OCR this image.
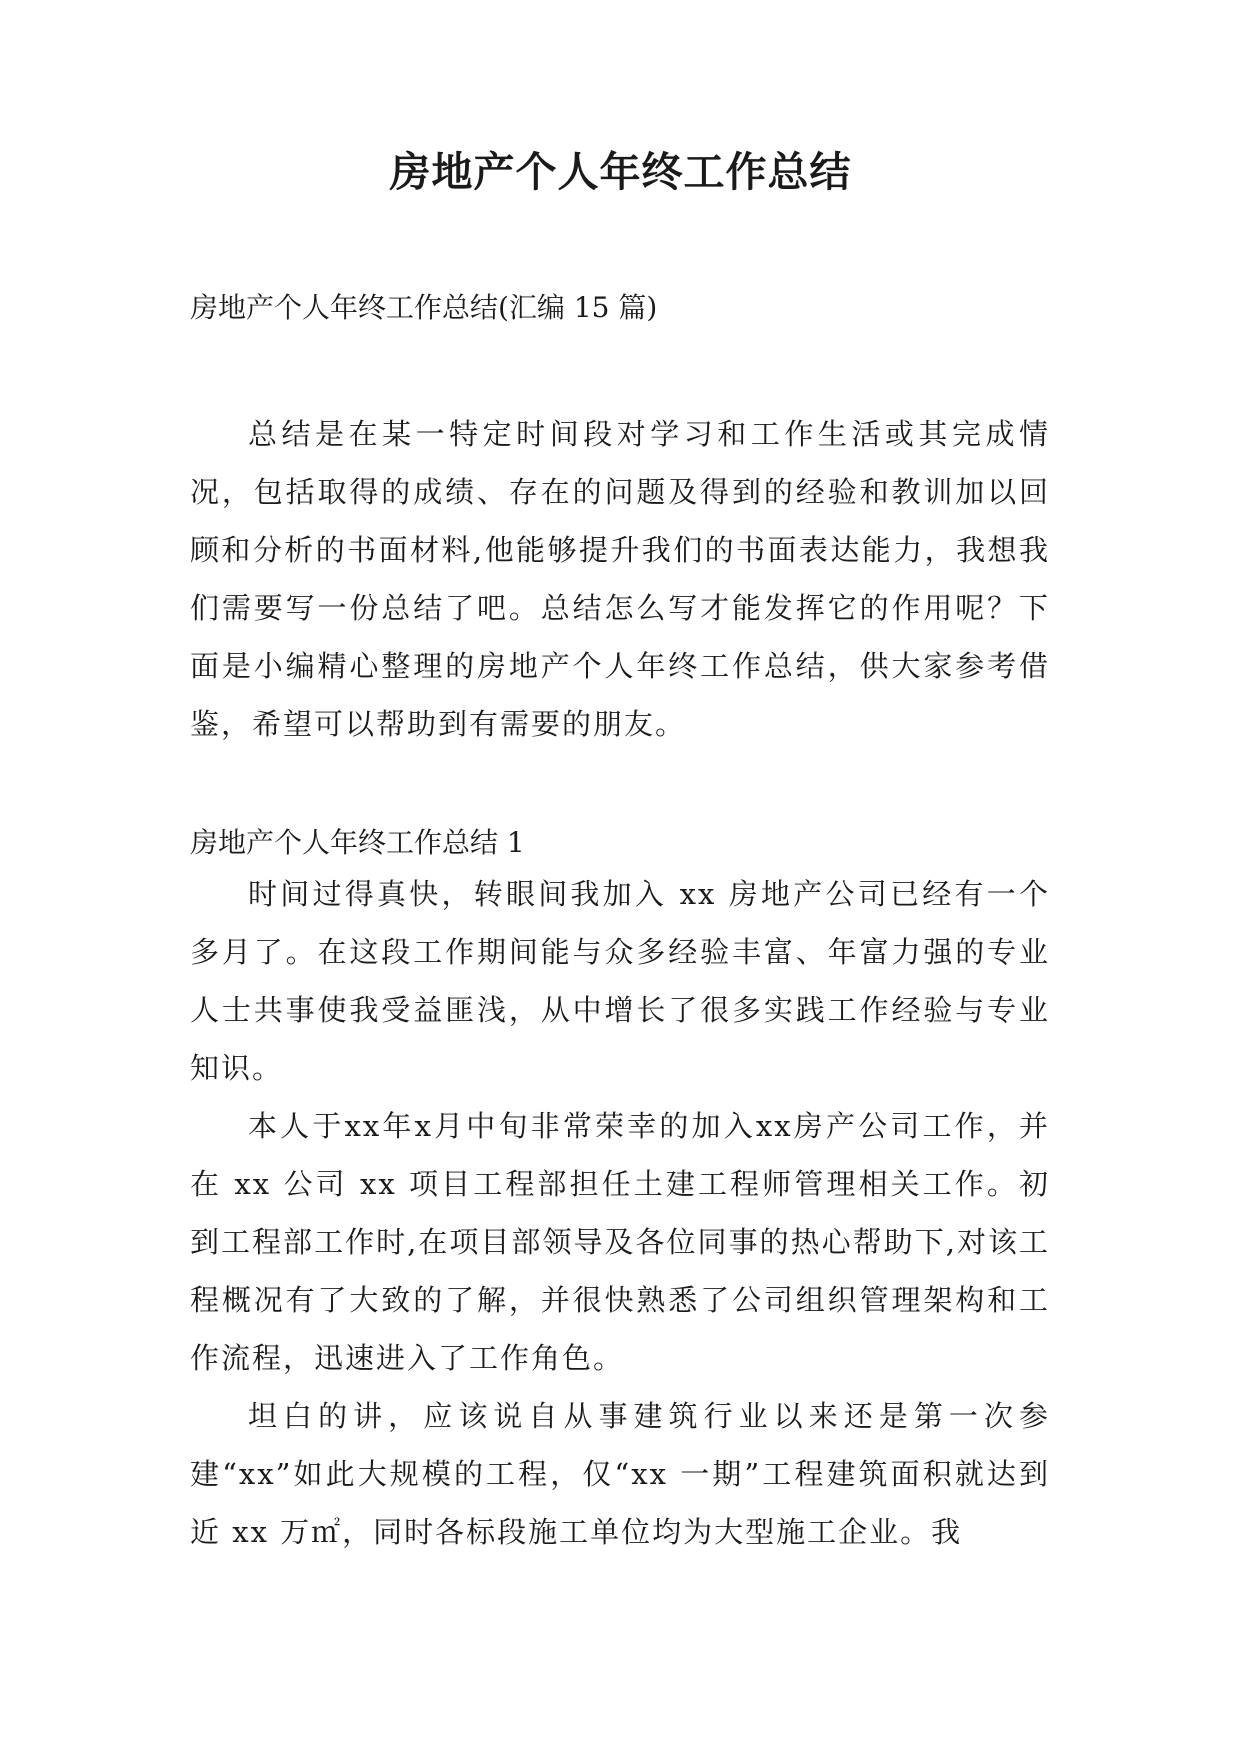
房地产个人年终工作总结
房地产个人年终工作总结(汇编 15 篇)

总结是在某一特定时间段对学习和工作生活或其完成情况，包括取得的成绩、存在的问题及得到的经验和教训加以回顾和分析的书面材料,他能够提升我们的书面表达能力，我想我们需要写一份总结了吧。总结怎么写才能发挥它的作用呢？下面是小编精心整理的房地产个人年终工作总结，供大家参考借鉴，希望可以帮助到有需要的朋友。

房地产个人年终工作总结 1

时间过得真快，转眼间我加入 xx 房地产公司已经有一个多月了。在这段工作期间能与众多经验丰富、年富力强的专业人士共事使我受益匪浅，从中增长了很多实践工作经验与专业知识。

本人于xx年x月中旬非常荣幸的加入xx房产公司工作，并在 xx 公司 xx 项目工程部担任土建工程师管理相关工作。初到工程部工作时,在项目部领导及各位同事的热心帮助下,对该工程概况有了大致的了解，并很快熟悉了公司组织管理架构和工作流程，迅速进入了工作角色。

坦白的讲，应该说自从事建筑行业以来还是第一次参建“xx”如此大规模的工程，仅“xx 一期”工程建筑面积就达到近 xx 万㎡，同时各标段施工单位均为大型施工企业。我
